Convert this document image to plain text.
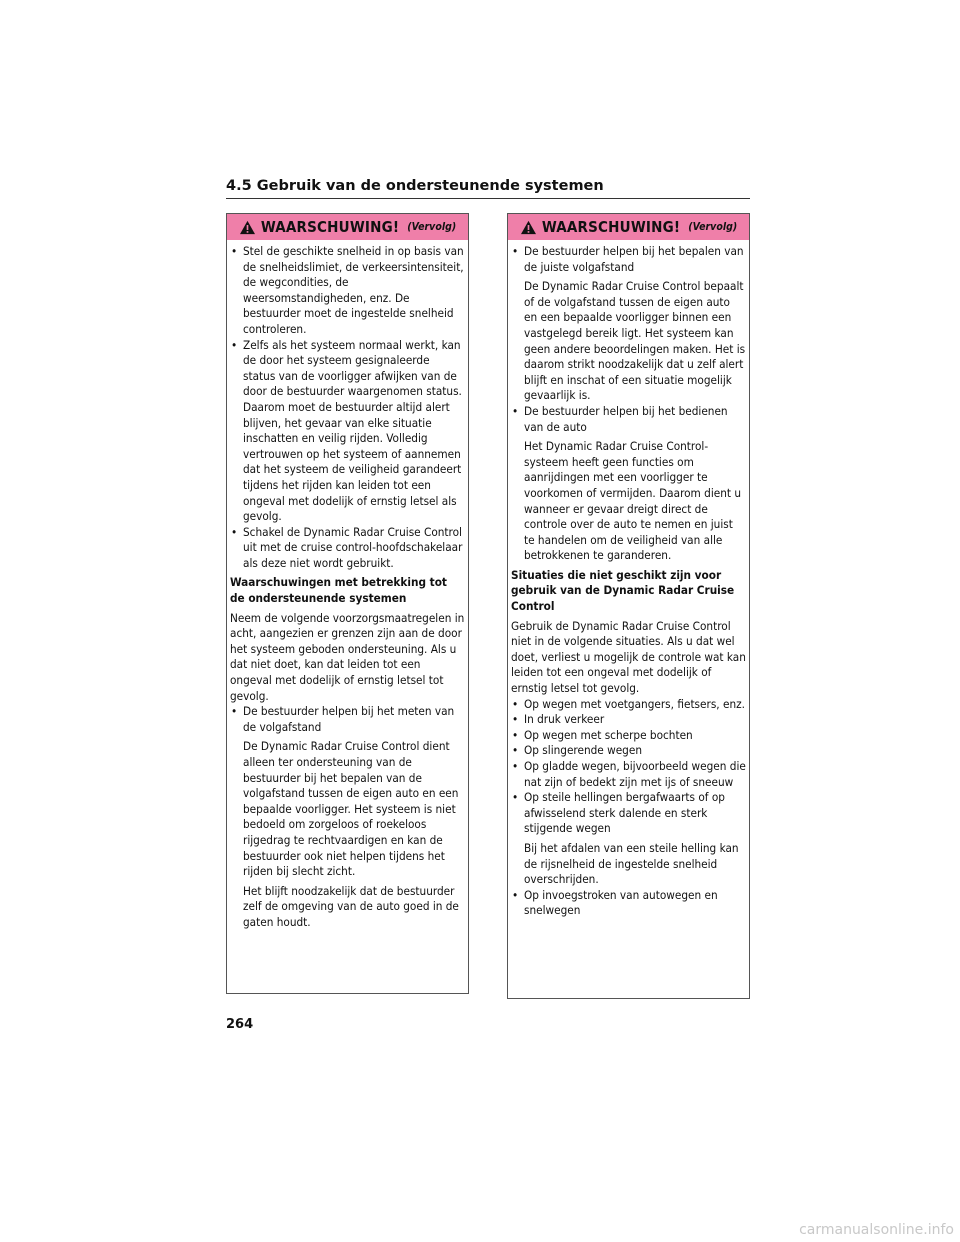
4.5 Gebruik van de ondersteunende systemen
WAARSCHUWING! (Vervolg)
• Stel de geschikte snelheid in op basis van de snelheidslimiet, de verkeersintensiteit, de wegcondities, de weersomstandigheden, enz. De bestuurder moet de ingestelde snelheid controleren.
• Zelfs als het systeem normaal werkt, kan de door het systeem gesignaleerde status van de voorligger afwijken van de door de bestuurder waargenomen status. Daarom moet de bestuurder altijd alert blijven, het gevaar van elke situatie inschatten en veilig rijden. Volledig vertrouwen op het systeem of aannemen dat het systeem de veiligheid garandeert tijdens het rijden kan leiden tot een ongeval met dodelijk of ernstig letsel als gevolg.
• Schakel de Dynamic Radar Cruise Control uit met de cruise control-hoofdschakelaar als deze niet wordt gebruikt.
Waarschuwingen met betrekking tot de ondersteunende systemen
Neem de volgende voorzorgsmaatregelen in acht, aangezien er grenzen zijn aan de door het systeem geboden ondersteuning. Als u dat niet doet, kan dat leiden tot een ongeval met dodelijk of ernstig letsel tot gevolg.
• De bestuurder helpen bij het meten van de volgafstand
De Dynamic Radar Cruise Control dient alleen ter ondersteuning van de bestuurder bij het bepalen van de volgafstand tussen de eigen auto en een bepaalde voorligger. Het systeem is niet bedoeld om zorgeloos of roekeloos rijgedrag te rechtvaardigen en kan de bestuurder ook niet helpen tijdens het rijden bij slecht zicht.
Het blijft noodzakelijk dat de bestuurder zelf de omgeving van de auto goed in de gaten houdt.
WAARSCHUWING! (Vervolg)
• De bestuurder helpen bij het bepalen van de juiste volgafstand
De Dynamic Radar Cruise Control bepaalt of de volgafstand tussen de eigen auto en een bepaalde voorligger binnen een vastgelegd bereik ligt. Het systeem kan geen andere beoordelingen maken. Het is daarom strikt noodzakelijk dat u zelf alert blijft en inschat of een situatie mogelijk gevaarlijk is.
• De bestuurder helpen bij het bedienen van de auto
Het Dynamic Radar Cruise Control-systeem heeft geen functies om aanrijdingen met een voorligger te voorkomen of vermijden. Daarom dient u wanneer er gevaar dreigt direct de controle over de auto te nemen en juist te handelen om de veiligheid van alle betrokkenen te garanderen.
Situaties die niet geschikt zijn voor gebruik van de Dynamic Radar Cruise Control
Gebruik de Dynamic Radar Cruise Control niet in de volgende situaties. Als u dat wel doet, verliest u mogelijk de controle wat kan leiden tot een ongeval met dodelijk of ernstig letsel tot gevolg.
• Op wegen met voetgangers, fietsers, enz.
• In druk verkeer
• Op wegen met scherpe bochten
• Op slingerende wegen
• Op gladde wegen, bijvoorbeeld wegen die nat zijn of bedekt zijn met ijs of sneeuw
• Op steile hellingen bergafwaarts of op afwisselend sterk dalende en sterk stijgende wegen
Bij het afdalen van een steile helling kan de rijsnelheid de ingestelde snelheid overschrijden.
• Op invoegstroken van autowegen en snelwegen
264
carmanualsonline.info
